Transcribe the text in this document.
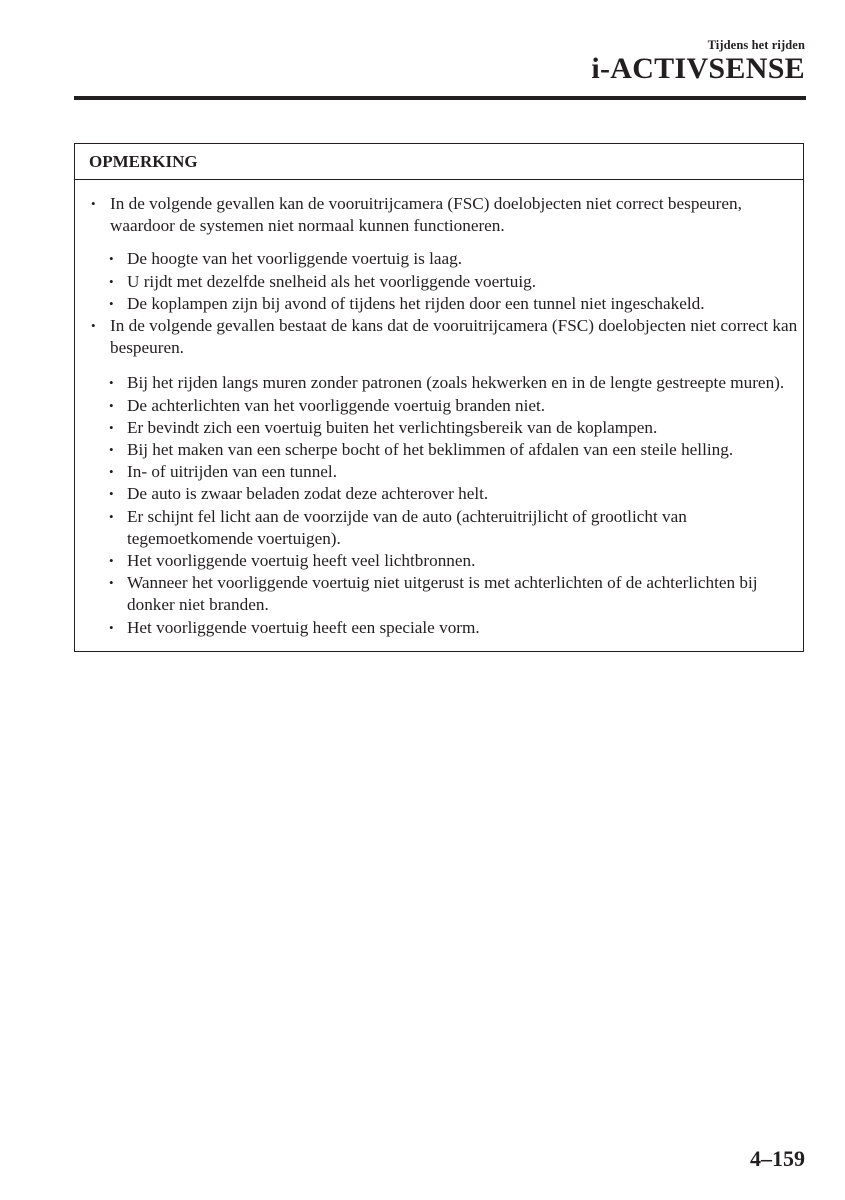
Tijdens het rijden
i-ACTIVSENSE
OPMERKING
• In de volgende gevallen kan de vooruitrijcamera (FSC) doelobjecten niet correct bespeuren, waardoor de systemen niet normaal kunnen functioneren.
• De hoogte van het voorliggende voertuig is laag.
• U rijdt met dezelfde snelheid als het voorliggende voertuig.
• De koplampen zijn bij avond of tijdens het rijden door een tunnel niet ingeschakeld.
• In de volgende gevallen bestaat de kans dat de vooruitrijcamera (FSC) doelobjecten niet correct kan bespeuren.
• Bij het rijden langs muren zonder patronen (zoals hekwerken en in de lengte gestreepte muren).
• De achterlichten van het voorliggende voertuig branden niet.
• Er bevindt zich een voertuig buiten het verlichtingsbereik van de koplampen.
• Bij het maken van een scherpe bocht of het beklimmen of afdalen van een steile helling.
• In- of uitrijden van een tunnel.
• De auto is zwaar beladen zodat deze achterover helt.
• Er schijnt fel licht aan de voorzijde van de auto (achteruitrijlicht of grootlicht van tegemoetkomende voertuigen).
• Het voorliggende voertuig heeft veel lichtbronnen.
• Wanneer het voorliggende voertuig niet uitgerust is met achterlichten of de achterlichten bij donker niet branden.
• Het voorliggende voertuig heeft een speciale vorm.
4–159
